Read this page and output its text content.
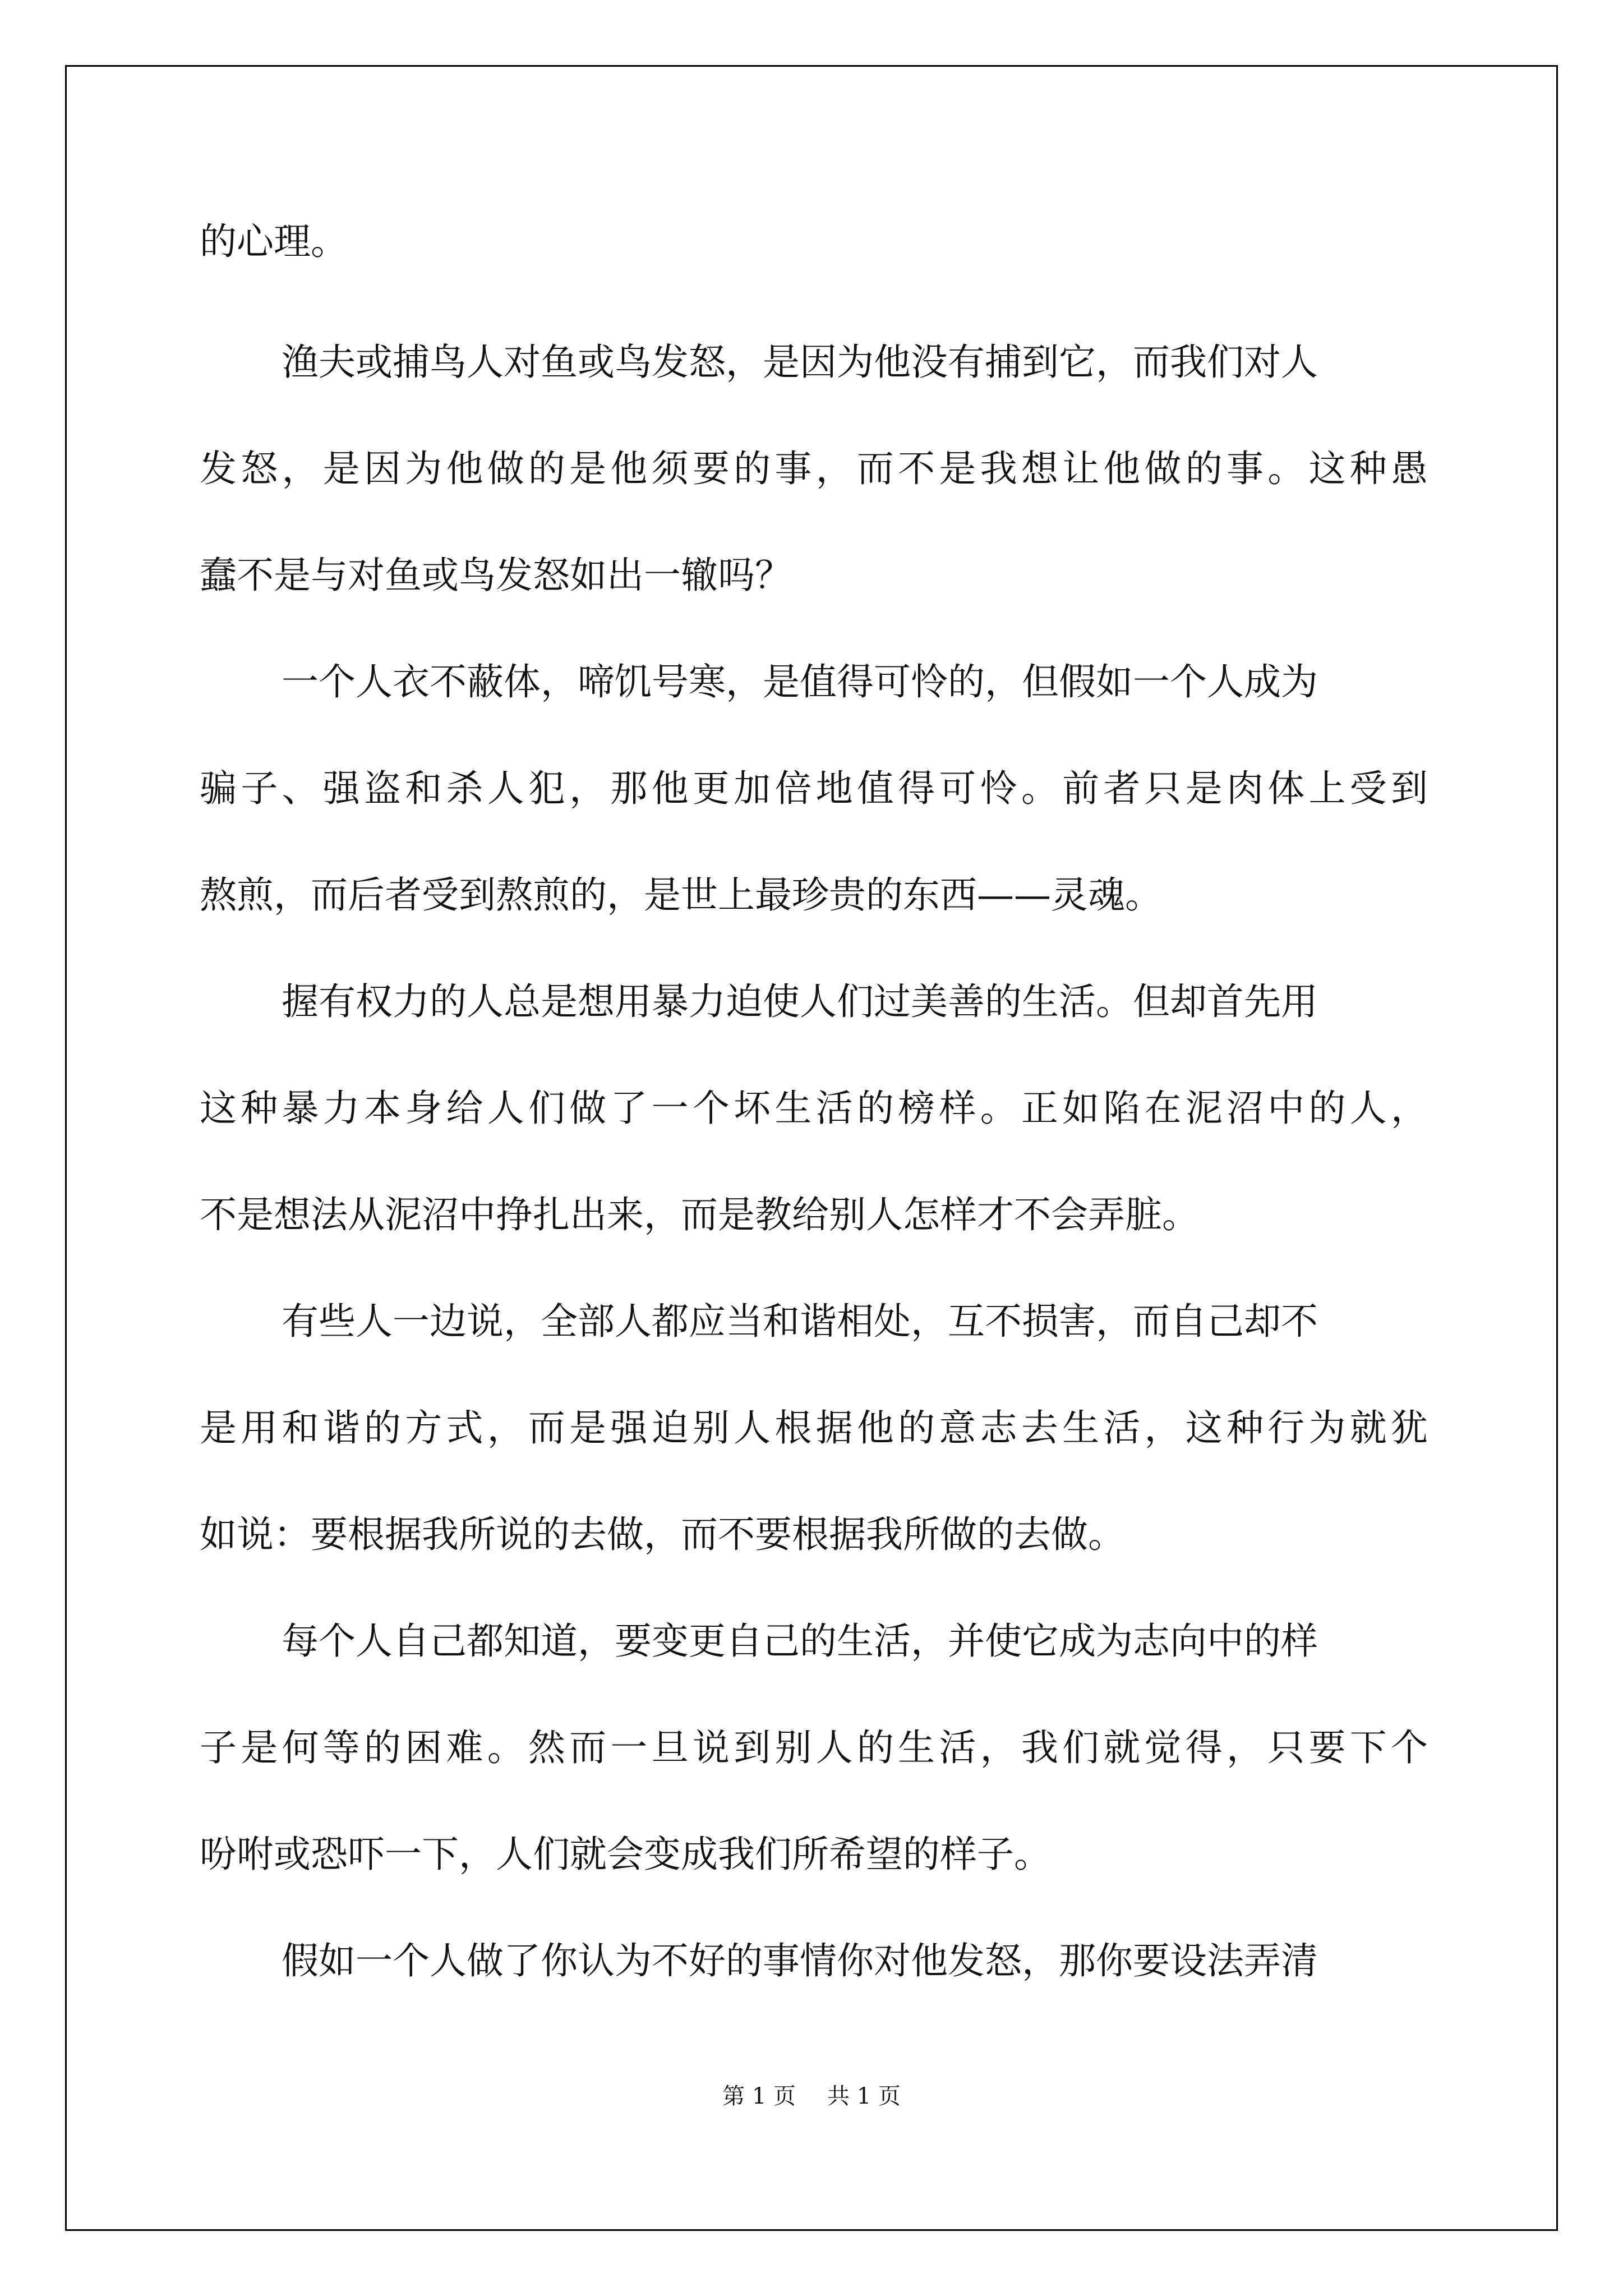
的心理。
渔夫或捕鸟人对鱼或鸟发怒，是因为他没有捕到它，而我们对人
发怒，是因为他做的是他须要的事，而不是我想让他做的事。这种愚
蠢不是与对鱼或鸟发怒如出一辙吗？
一个人衣不蔽体，啼饥号寒，是值得可怜的，但假如一个人成为
骗子、强盗和杀人犯，那他更加倍地值得可怜。前者只是肉体上受到
熬煎，而后者受到熬煎的，是世上最珍贵的东西——灵魂。
握有权力的人总是想用暴力迫使人们过美善的生活。但却首先用
这种暴力本身给人们做了一个坏生活的榜样。正如陷在泥沼中的人，
不是想法从泥沼中挣扎出来，而是教给别人怎样才不会弄脏。
有些人一边说，全部人都应当和谐相处，互不损害，而自己却不
是用和谐的方式，而是强迫别人根据他的意志去生活，这种行为就犹
如说：要根据我所说的去做，而不要根据我所做的去做。
每个人自己都知道，要变更自己的生活，并使它成为志向中的样
子是何等的困难。然而一旦说到别人的生活，我们就觉得，只要下个
吩咐或恐吓一下，人们就会变成我们所希望的样子。
假如一个人做了你认为不好的事情你对他发怒，那你要设法弄清
第 1 页 共 1 页
